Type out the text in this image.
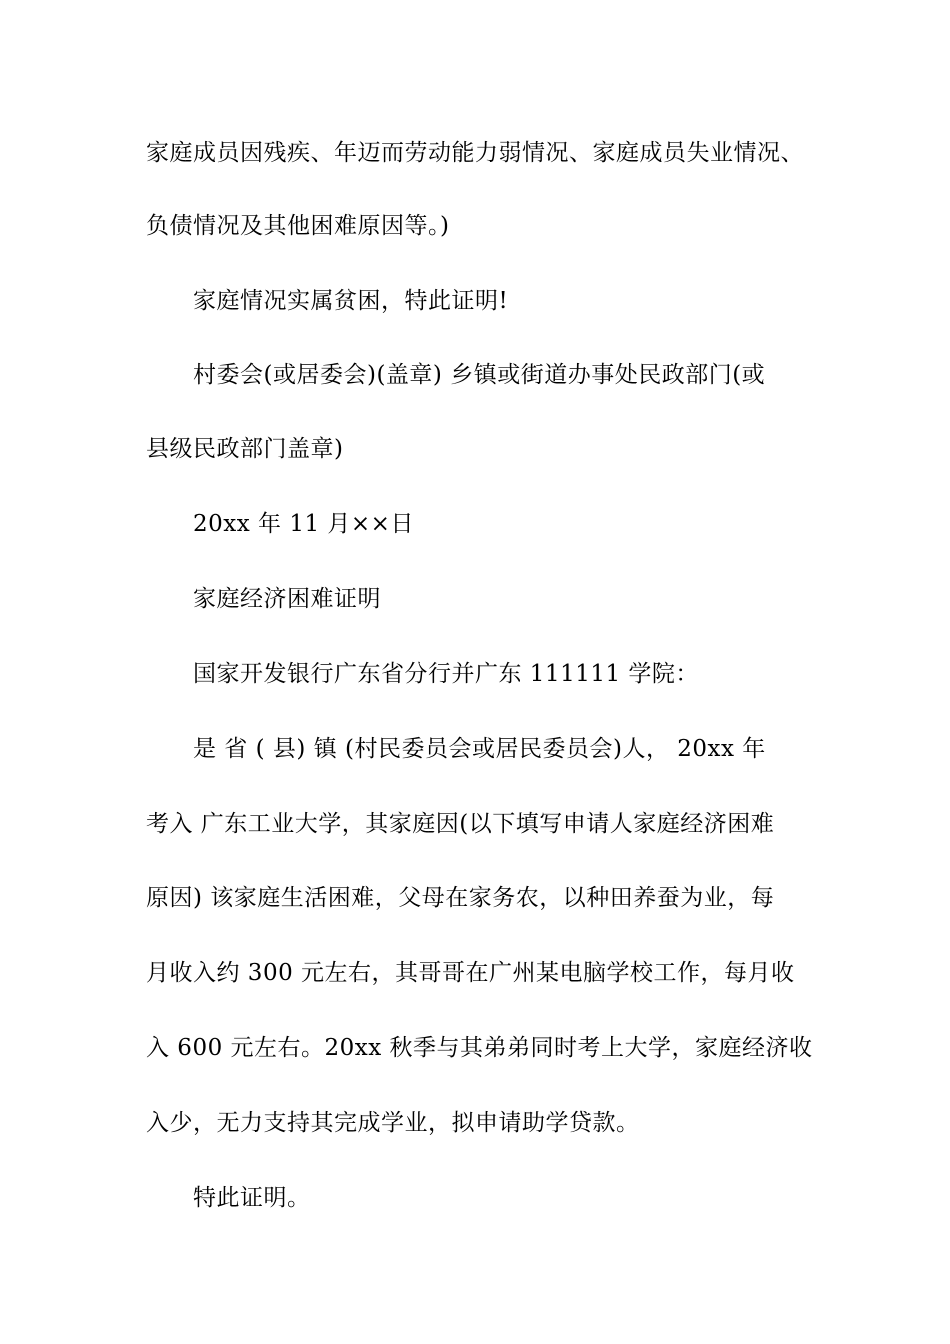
家庭成员因残疾、年迈而劳动能力弱情况、家庭成员失业情况、
负债情况及其他困难原因等。)
家庭情况实属贫困，特此证明!
村委会(或居委会)(盖章) 乡镇或街道办事处民政部门(或
县级民政部门盖章)
20xx 年 11 月××日
家庭经济困难证明
国家开发银行广东省分行并广东 111111 学院：
是 省 ( 县) 镇 (村民委员会或居民委员会)人， 20xx 年
考入 广东工业大学，其家庭因(以下填写申请人家庭经济困难
原因) 该家庭生活困难，父母在家务农，以种田养蚕为业，每
月收入约 300 元左右，其哥哥在广州某电脑学校工作，每月收
入 600 元左右。20xx 秋季与其弟弟同时考上大学，家庭经济收
入少，无力支持其完成学业，拟申请助学贷款。
特此证明。
